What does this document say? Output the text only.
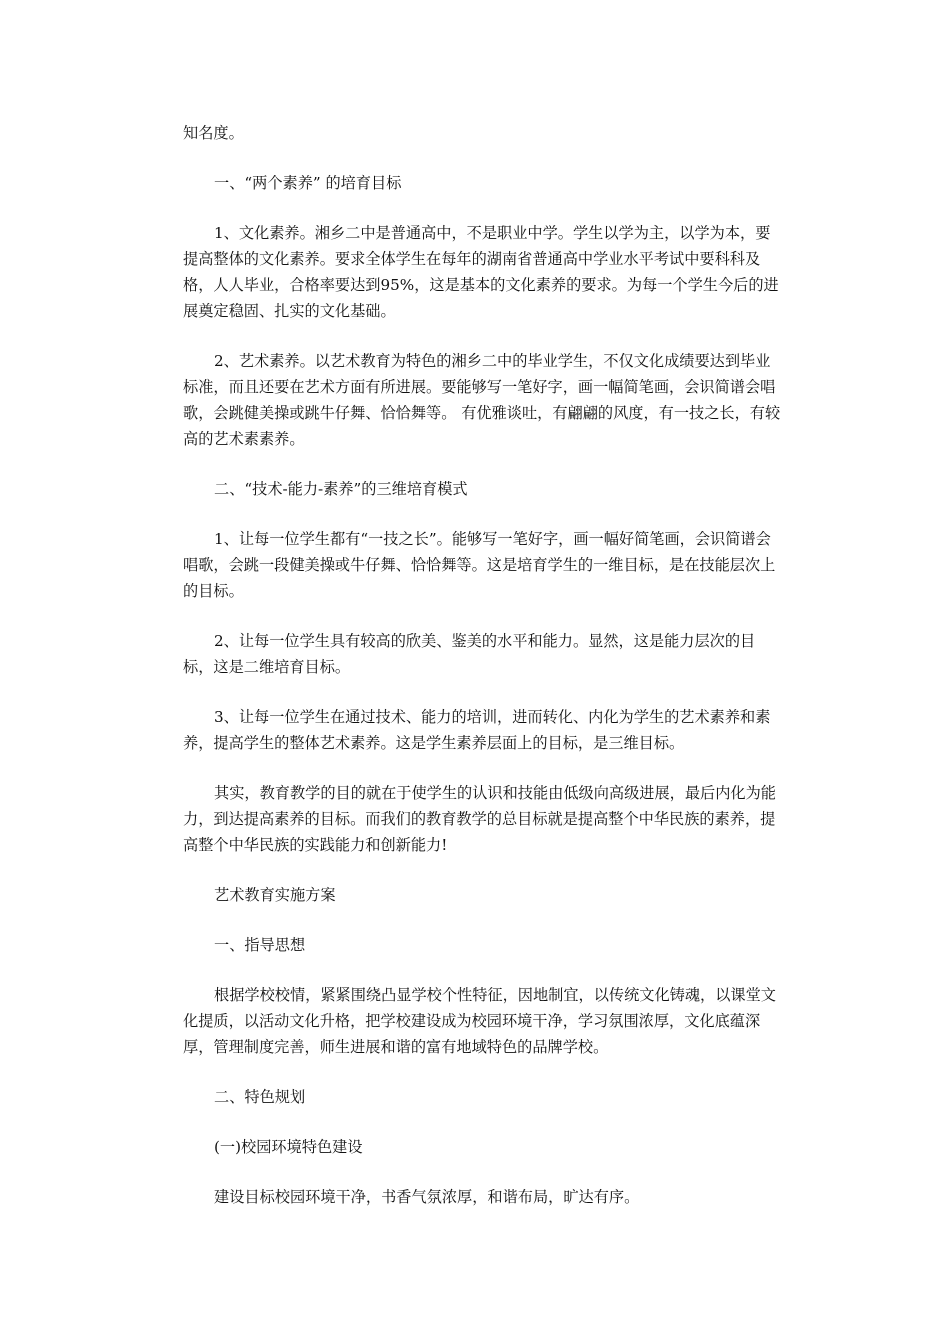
知名度。

一、“两个素养” 的培育目标

1、文化素养。湘乡二中是普通高中，不是职业中学。学生以学为主，以学为本，要提高整体的文化素养。要求全体学生在每年的湖南省普通高中学业水平考试中要科科及格，人人毕业，合格率要达到95%，这是基本的文化素养的要求。为每一个学生今后的进展奠定稳固、扎实的文化基础。

2、艺术素养。以艺术教育为特色的湘乡二中的毕业学生，不仅文化成绩要达到毕业标准，而且还要在艺术方面有所进展。要能够写一笔好字，画一幅简笔画，会识简谱会唱歌，会跳健美操或跳牛仔舞、恰恰舞等。 有优雅谈吐，有翩翩的风度，有一技之长，有较高的艺术素素养。

二、“技术-能力-素养”的三维培育模式

1、让每一位学生都有“一技之长”。能够写一笔好字，画一幅好简笔画，会识简谱会唱歌，会跳一段健美操或牛仔舞、恰恰舞等。这是培育学生的一维目标，是在技能层次上的目标。

2、让每一位学生具有较高的欣美、鉴美的水平和能力。显然，这是能力层次的目标，这是二维培育目标。

3、让每一位学生在通过技术、能力的培训，进而转化、内化为学生的艺术素养和素养，提高学生的整体艺术素养。这是学生素养层面上的目标，是三维目标。

其实，教育教学的目的就在于使学生的认识和技能由低级向高级进展，最后内化为能力，到达提高素养的目标。而我们的教育教学的总目标就是提高整个中华民族的素养，提高整个中华民族的实践能力和创新能力!

艺术教育实施方案

一、指导思想

根据学校校情，紧紧围绕凸显学校个性特征，因地制宜，以传统文化铸魂，以课堂文化提质，以活动文化升格，把学校建设成为校园环境干净，学习氛围浓厚，文化底蕴深厚，管理制度完善，师生进展和谐的富有地域特色的品牌学校。

二、特色规划

(一)校园环境特色建设

建设目标校园环境干净，书香气氛浓厚，和谐布局，旷达有序。
